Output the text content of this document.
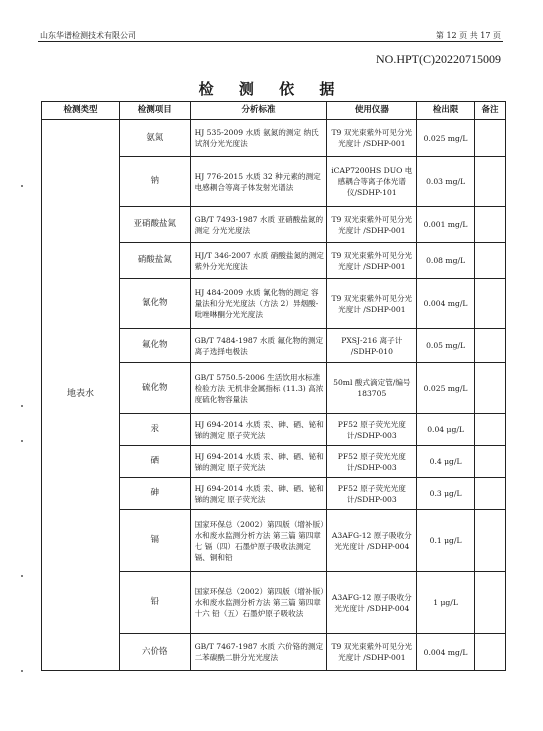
山东华谱检测技术有限公司	第 12 页 共 17 页
NO.HPT(C)20220715009
检 测 依 据
检测类型	检测项目	分析标准	使用仪器	检出限	备注
地表水	氨氮	HJ 535-2009 水质 氨氮的测定 纳氏试剂分光光度法	T9 双光束紫外可见分光光度计 /SDHP-001	0.025 mg/L	
	钠	HJ 776-2015 水质 32 种元素的测定 电感耦合等离子体发射光谱法	iCAP7200HS DUO 电感耦合等离子体光谱仪/SDHP-101	0.03 mg/L	
	亚硝酸盐氮	GB/T 7493-1987 水质 亚硝酸盐氮的测定 分光光度法	T9 双光束紫外可见分光光度计 /SDHP-001	0.001 mg/L	
	硝酸盐氮	HJ/T 346-2007 水质 硝酸盐氮的测定 紫外分光光度法	T9 双光束紫外可见分光光度计 /SDHP-001	0.08 mg/L	
	氰化物	HJ 484-2009 水质 氰化物的测定 容量法和分光光度法（方法 2）异烟酸-吡唑啉酮分光光度法	T9 双光束紫外可见分光光度计 /SDHP-001	0.004 mg/L	
	氟化物	GB/T 7484-1987 水质 氟化物的测定 离子选择电极法	PXSJ-216 离子计 /SDHP-010	0.05 mg/L	
	硫化物	GB/T 5750.5-2006 生活饮用水标准检验方法 无机非金属指标 (11.3) 高浓度硫化物容量法	50ml 酸式滴定管/编号 183705	0.025 mg/L	
	汞	HJ 694-2014 水质 汞、砷、硒、铋和锑的测定 原子荧光法	PF52 原子荧光光度计/SDHP-003	0.04 μg/L	
	硒	HJ 694-2014 水质 汞、砷、硒、铋和锑的测定 原子荧光法	PF52 原子荧光光度计/SDHP-003	0.4 μg/L	
	砷	HJ 694-2014 水质 汞、砷、硒、铋和锑的测定 原子荧光法	PF52 原子荧光光度计/SDHP-003	0.3 μg/L	
	镉	国家环保总（2002）第四版（增补版）水和废水监测分析方法 第三篇 第四章 七 镉（四）石墨炉原子吸收法测定镉、铜和铅	A3AFG-12 原子吸收分光光度计 /SDHP-004	0.1 μg/L	
	铅	国家环保总（2002）第四版（增补版）水和废水监测分析方法 第三篇 第四章 十六 铅（五）石墨炉原子吸收法	A3AFG-12 原子吸收分光光度计 /SDHP-004	1 μg/L	
	六价铬	GB/T 7467-1987 水质 六价铬的测定 二苯碳酰二肼分光光度法	T9 双光束紫外可见分光光度计 /SDHP-001	0.004 mg/L	
